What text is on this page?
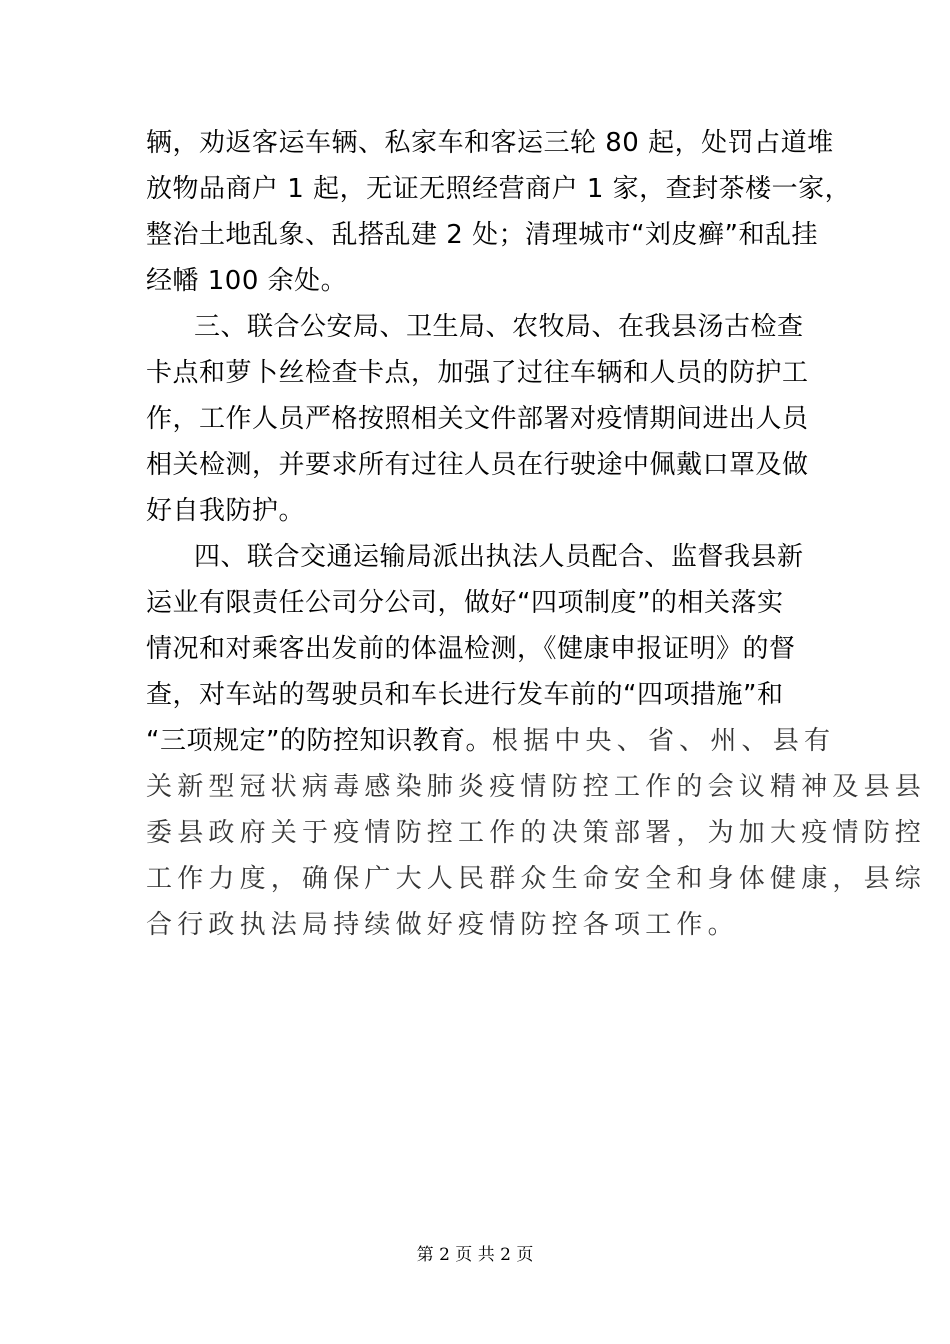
辆，劝返客运车辆、私家车和客运三轮 80 起，处罚占道堆
放物品商户 1 起，无证无照经营商户 1 家，查封茶楼一家，
整治土地乱象、乱搭乱建 2 处；清理城市“刘皮癣”和乱挂
经幡 100 余处。
三、联合公安局、卫生局、农牧局、在我县汤古检查
卡点和萝卜丝检查卡点，加强了过往车辆和人员的防护工
作，工作人员严格按照相关文件部署对疫情期间进出人员
相关检测，并要求所有过往人员在行驶途中佩戴口罩及做
好自我防护。
四、联合交通运输局派出执法人员配合、监督我县新
运业有限责任公司分公司，做好“四项制度”的相关落实
情况和对乘客出发前的体温检测，《健康申报证明》的督
查，对车站的驾驶员和车长进行发车前的“四项措施”和
“三项规定”的防控知识教育。根据中央、省、州、县有
关新型冠状病毒感染肺炎疫情防控工作的会议精神及县县
委县政府关于疫情防控工作的决策部署，为加大疫情防控
工作力度，确保广大人民群众生命安全和身体健康，县综
合行政执法局持续做好疫情防控各项工作。
第 2 页 共 2 页
